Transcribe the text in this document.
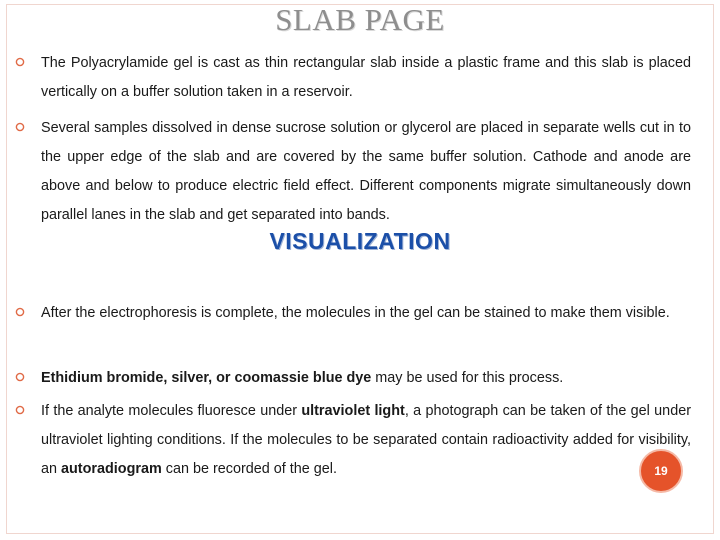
SLAB PAGE
The Polyacrylamide gel is cast as thin rectangular slab inside a plastic frame and this slab is placed vertically on a buffer solution taken in a reservoir.
Several samples dissolved in dense sucrose solution or glycerol are placed in separate wells cut in to the upper edge of the slab and are covered by the same buffer solution. Cathode and anode are above and below to produce electric field effect. Different components migrate simultaneously down parallel lanes in the slab and get separated into bands.
VISUALIZATION
After the electrophoresis is complete, the molecules in the gel can be stained to make them visible.
Ethidium bromide, silver, or coomassie blue dye may be used for this process.
If the analyte molecules fluoresce under ultraviolet light, a photograph can be taken of the gel under ultraviolet lighting conditions. If the molecules to be separated contain radioactivity added for visibility, an autoradiogram can be recorded of the gel.	19
